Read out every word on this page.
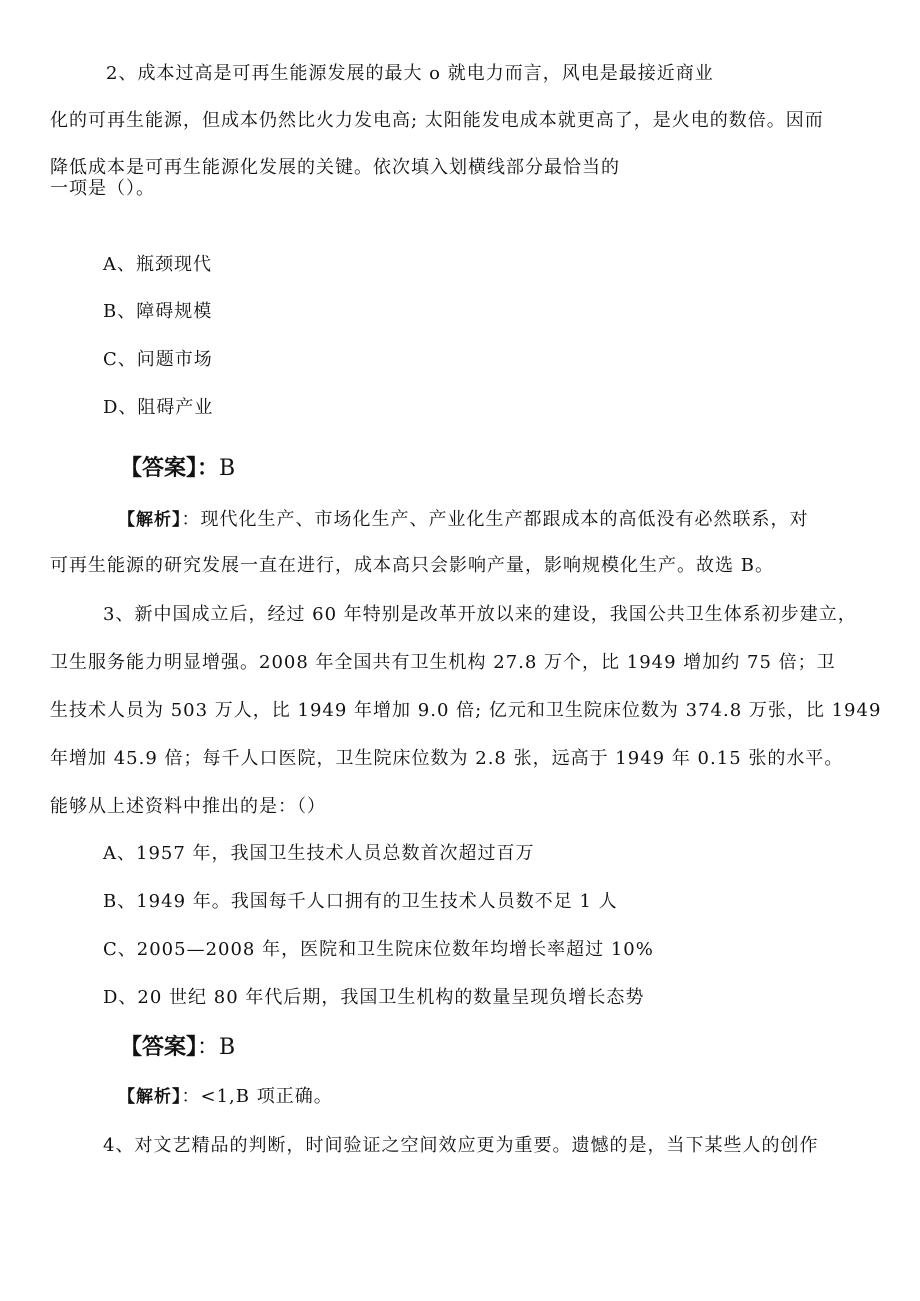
2、成本过高是可再生能源发展的最大 o 就电力而言，风电是最接近商业
化的可再生能源，但成本仍然比火力发电高; 太阳能发电成本就更高了，是火电的数倍。因而
降低成本是可再生能源化发展的关键。依次填入划横线部分最恰当的
一项是（）。
A、瓶颈现代
B、障碍规模
C、问题市场
D、阻碍产业
【答案】：B
【解析】：现代化生产、市场化生产、产业化生产都跟成本的高低没有必然联系，对
可再生能源的研究发展一直在进行，成本高只会影响产量，影响规模化生产。故选 B。
3、新中国成立后，经过 60 年特别是改革开放以来的建设，我国公共卫生体系初步建立，
卫生服务能力明显增强。2008 年全国共有卫生机构 27.8 万个，比 1949 增加约 75 倍；卫
生技术人员为 503 万人，比 1949 年增加 9.0 倍; 亿元和卫生院床位数为 374.8 万张，比 1949
年增加 45.9 倍；每千人口医院，卫生院床位数为 2.8 张，远高于 1949 年 0.15 张的水平。
能够从上述资料中推出的是：（）
A、1957 年，我国卫生技术人员总数首次超过百万
B、1949 年。我国每千人口拥有的卫生技术人员数不足 1 人
C、2005—2008 年，医院和卫生院床位数年均增长率超过 10%
D、20 世纪 80 年代后期，我国卫生机构的数量呈现负增长态势
【答案】：B
【解析】：<1,B 项正确。
4、对文艺精品的判断，时间验证之空间效应更为重要。遗憾的是，当下某些人的创作
